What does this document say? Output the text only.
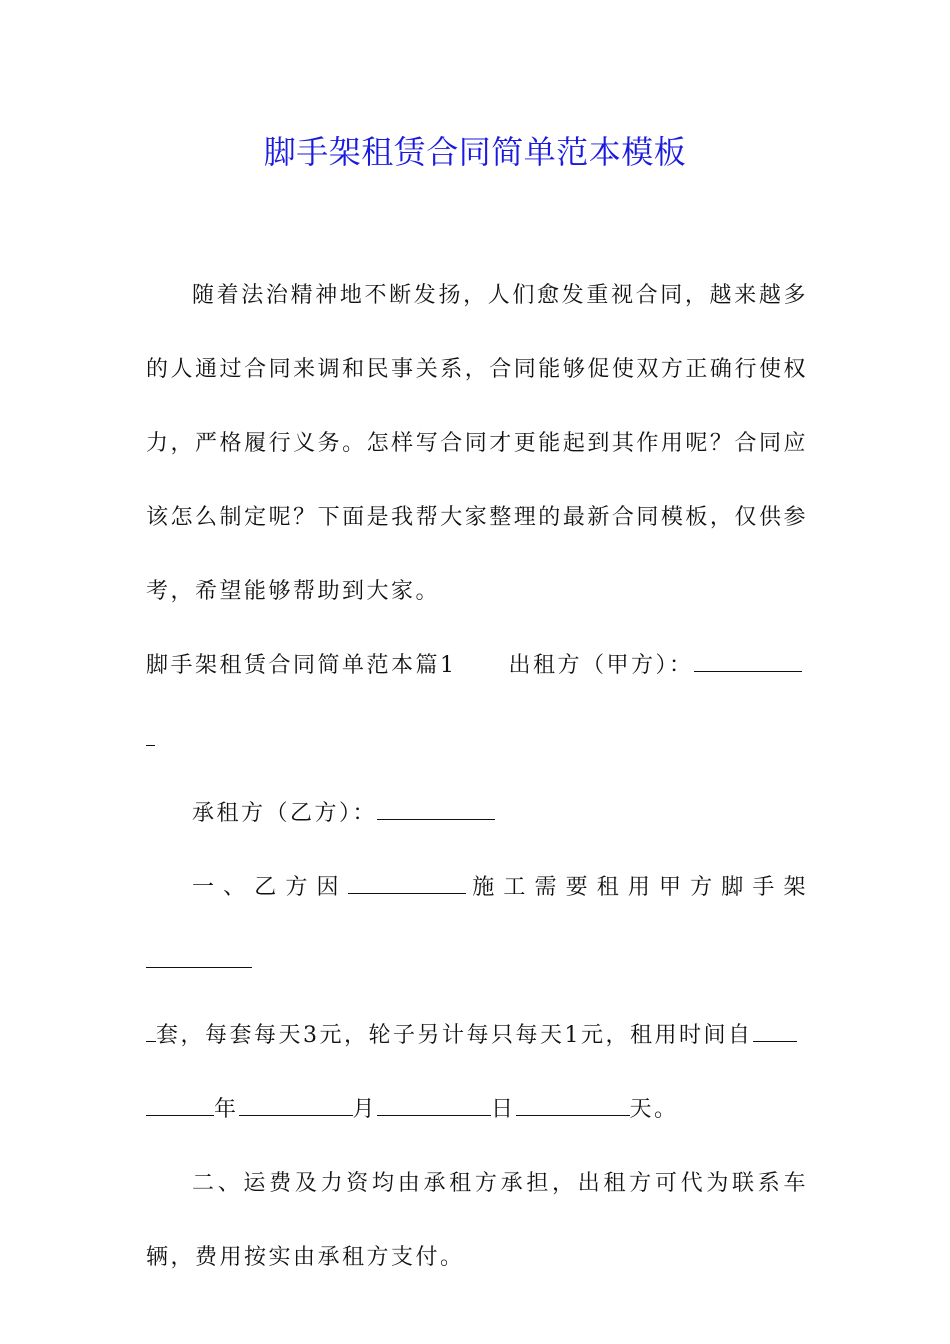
脚手架租赁合同简单范本模板

随着法治精神地不断发扬，人们愈发重视合同，越来越多的人通过合同来调和民事关系，合同能够促使双方正确行使权力，严格履行义务。怎样写合同才更能起到其作用呢？合同应该怎么制定呢？下面是我帮大家整理的最新合同模板，仅供参考，希望能够帮助到大家。

脚手架租赁合同简单范本篇1 出租方（甲方）：

承租方（乙方）：

一、乙方因	施工需要租用甲方脚手架
套，每套每天3元，轮子另计每只每天1元，租用时间自
年	月	日	天。

二、运费及力资均由承租方承担，出租方可代为联系车辆，费用按实由承租方支付。
